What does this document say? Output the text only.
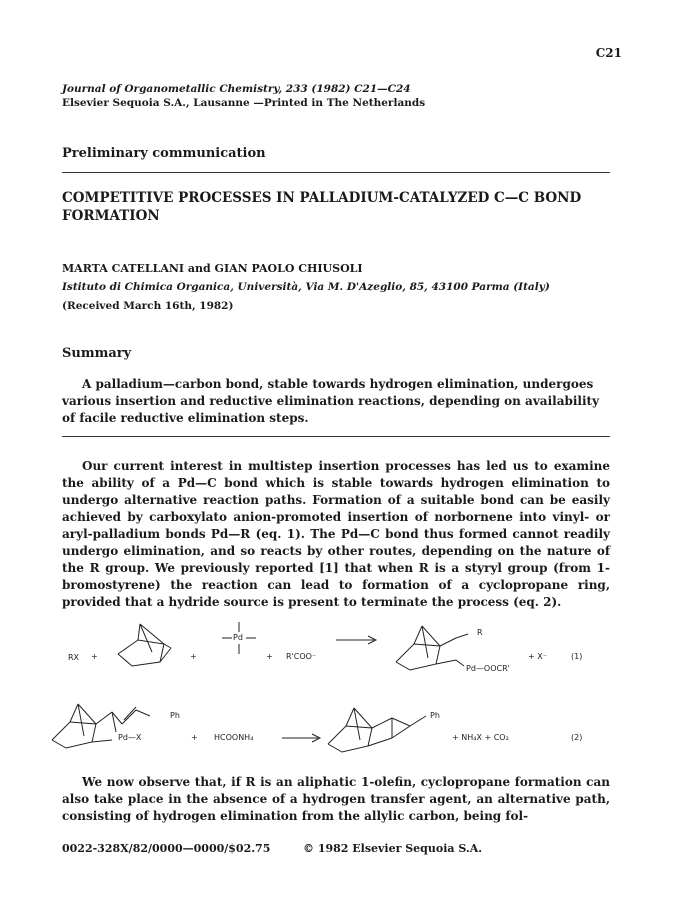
C21
Journal of Organometallic Chemistry, 233 (1982) C21—C24
Elsevier Sequoia S.A., Lausanne —Printed in The Netherlands
Preliminary communication
COMPETITIVE PROCESSES IN PALLADIUM-CATALYZED C—C BOND FORMATION
MARTA CATELLANI and GIAN PAOLO CHIUSOLI
Istituto di Chimica Organica, Università, Via M. D'Azeglio, 85, 43100 Parma (Italy)
(Received March 16th, 1982)
Summary
A palladium—carbon bond, stable towards hydrogen elimination, undergoes various insertion and reductive elimination reactions, depending on availability of facile reductive elimination steps.
Our current interest in multistep insertion processes has led us to examine the ability of a Pd—C bond which is stable towards hydrogen elimination to undergo alternative reaction paths. Formation of a suitable bond can be easily achieved by carboxylato anion-promoted insertion of norbornene into vinyl- or aryl-palladium bonds Pd—R (eq. 1). The Pd—C bond thus formed cannot readily undergo elimination, and so reacts by other routes, depending on the nature of the R group. We previously reported [1] that when R is a styryl group (from 1-bromostyrene) the reaction can lead to formation of a cyclopropane ring, provided that a hydride source is present to terminate the process (eq. 2).
RX +	+
Pd
+ R'COO⁻
R
Pd—OOCR'
+ X⁻	(1)
Ph
Pd—X	+ HCOONH₄
Ph
+ NH₄X + CO₂	(2)
We now observe that, if R is an aliphatic 1-olefin, cyclopropane formation can also take place in the absence of a hydrogen transfer agent, an alternative path, consisting of hydrogen elimination from the allylic carbon, being fol-
0022-328X/82/0000—0000/$02.75	© 1982 Elsevier Sequoia S.A.
